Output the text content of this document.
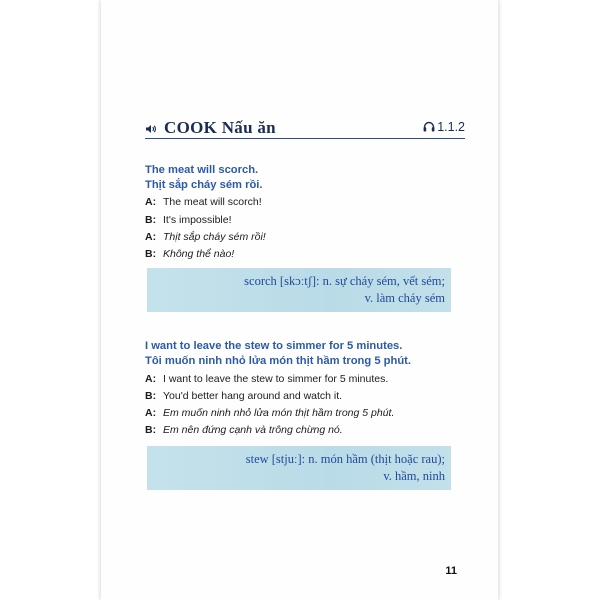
COOK Nấu ăn	1.1.2
The meat will scorch.
Thịt sắp cháy sém rồi.
A: The meat will scorch!
B: It's impossible!
A: Thịt sắp cháy sém rồi!
B: Không thể nào!
scorch [skɔːtʃ]: n. sự cháy sém, vết sém;
v. làm cháy sém
I want to leave the stew to simmer for 5 minutes.
Tôi muốn ninh nhỏ lửa món thịt hầm trong 5 phút.
A: I want to leave the stew to simmer for 5 minutes.
B: You'd better hang around and watch it.
A: Em muốn ninh nhỏ lửa món thịt hầm trong 5 phút.
B: Em nên đứng cạnh và trông chừng nó.
stew [stjuː]: n. món hầm (thịt hoặc rau);
v. hầm, ninh
11
